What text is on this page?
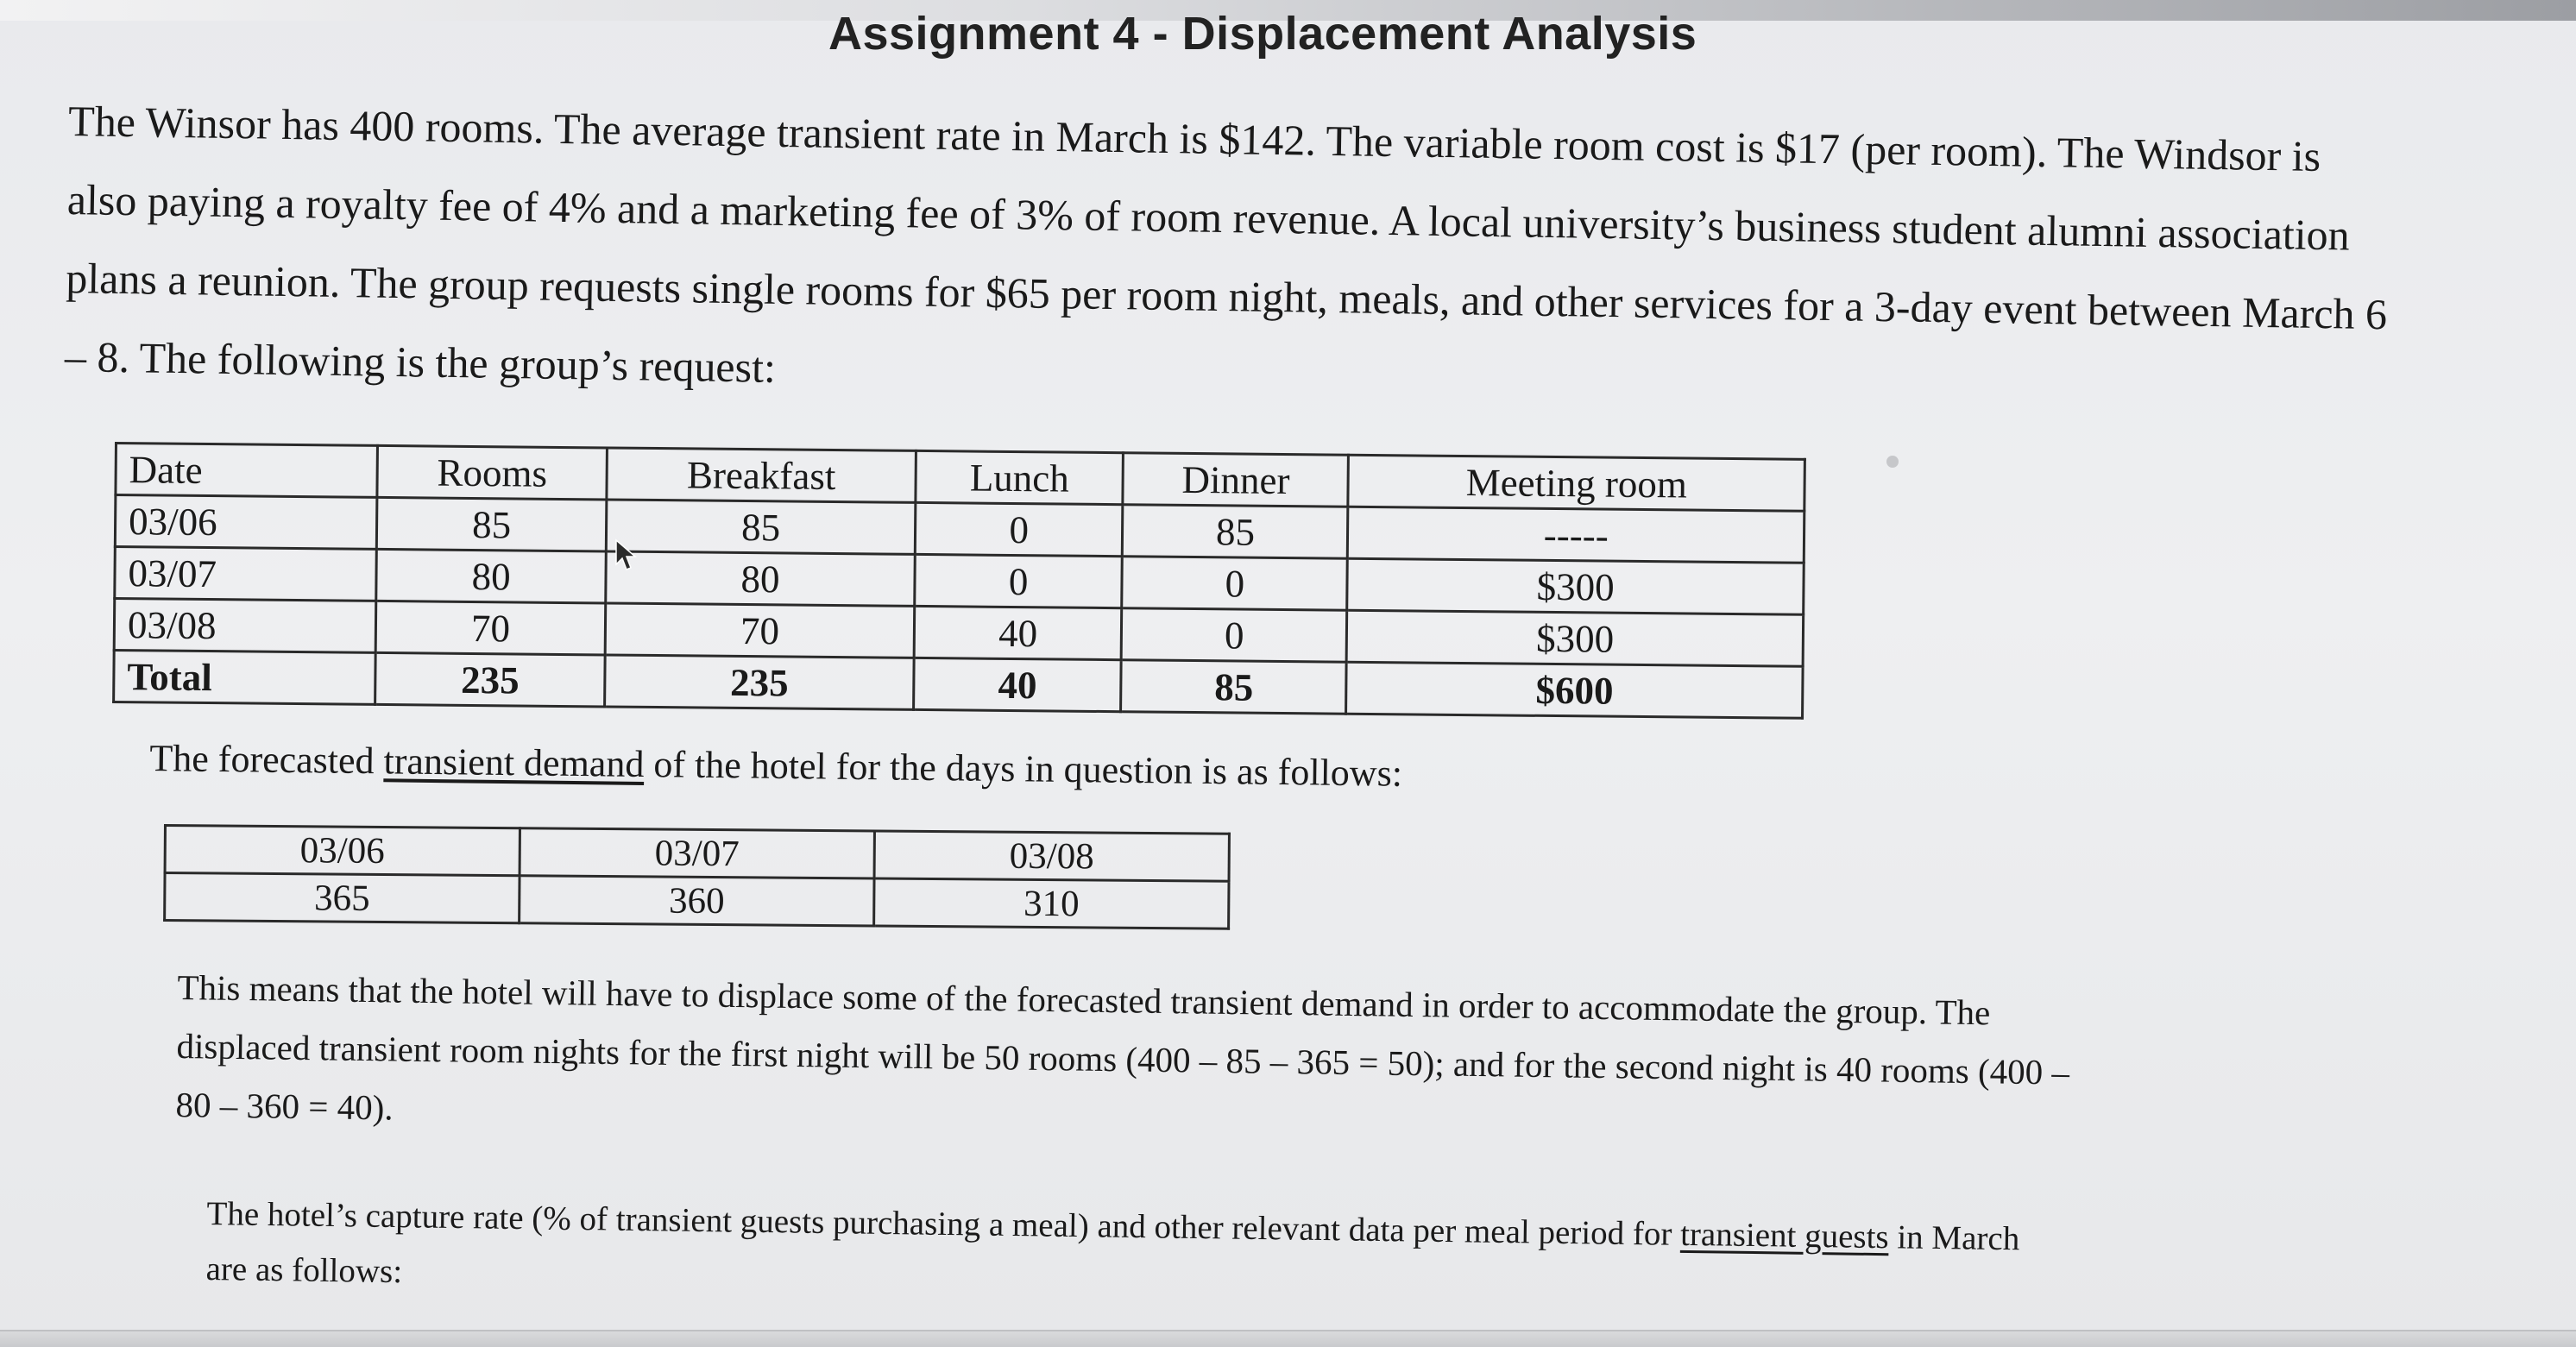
Assignment 4 - Displacement Analysis
The Winsor has 400 rooms. The average transient rate in March is $142. The variable room cost is $17 (per room). The Windsor is
also paying a royalty fee of 4% and a marketing fee of 3% of room revenue. A local university’s business student alumni association
plans a reunion. The group requests single rooms for $65 per room night, meals, and other services for a 3-day event between March 6
– 8. The following is the group’s request:
Date	Rooms	Breakfast	Lunch	Dinner	Meeting room
03/06	85	85	0	85	-----
03/07	80	80	0	0	$300
03/08	70	70	40	0	$300
Total	235	235	40	85	$600
The forecasted transient demand of the hotel for the days in question is as follows:
03/06	03/07	03/08
365	360	310
This means that the hotel will have to displace some of the forecasted transient demand in order to accommodate the group. The
displaced transient room nights for the first night will be 50 rooms (400 – 85 – 365 = 50); and for the second night is 40 rooms (400 –
80 – 360 = 40).
The hotel’s capture rate (% of transient guests purchasing a meal) and other relevant data per meal period for transient guests in March
are as follows:
